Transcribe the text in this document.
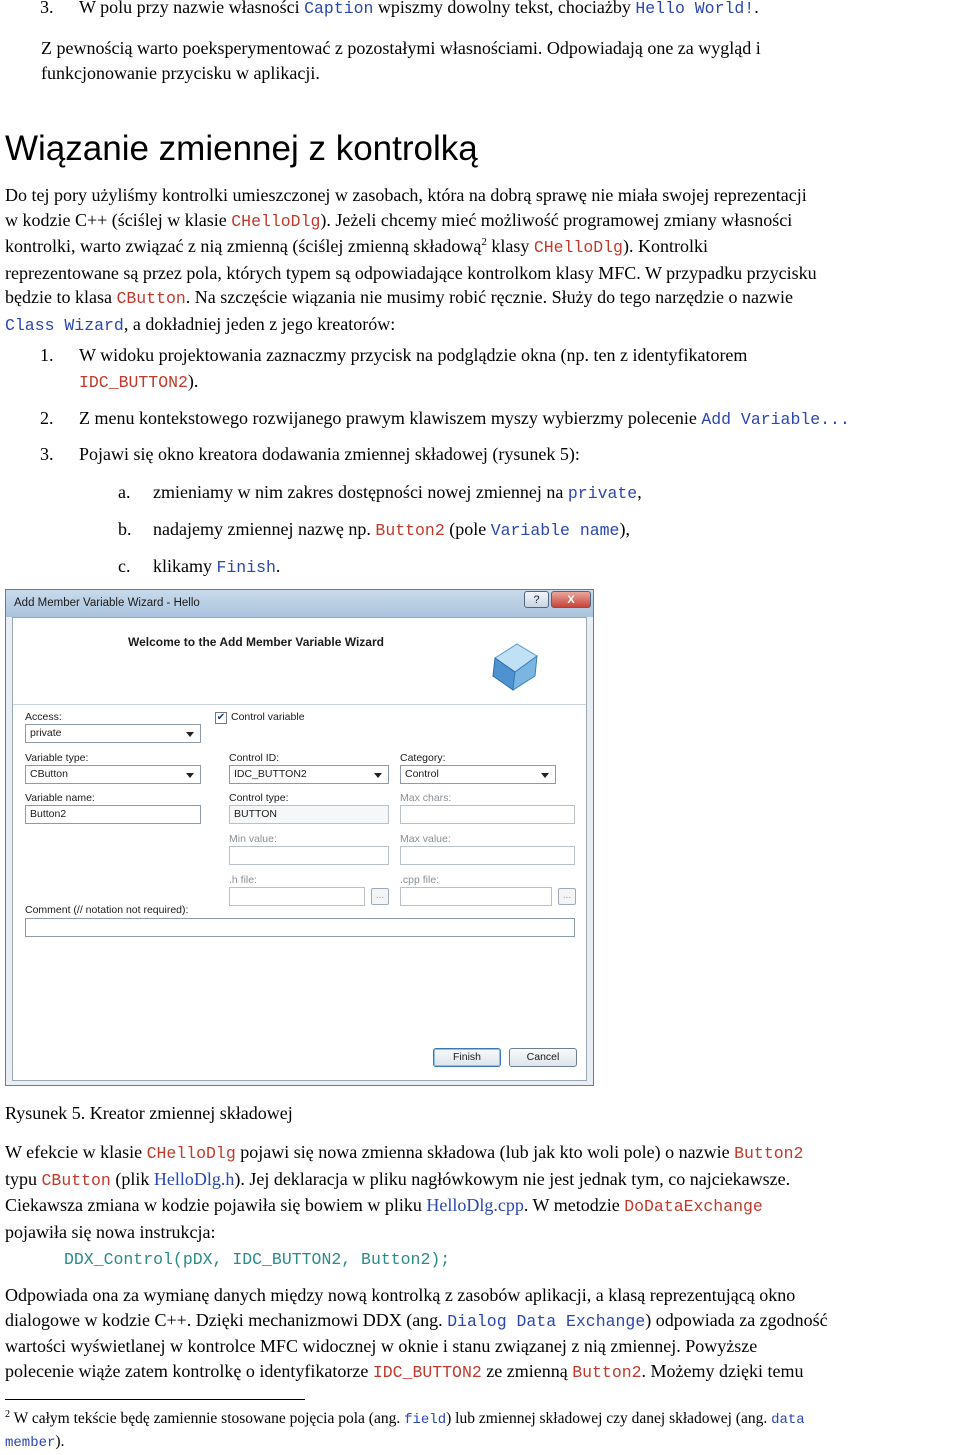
3. W polu przy nazwie własności Caption wpiszmy dowolny tekst, chociażby Hello World!.
Z pewnością warto poeksperymentować z pozostałymi własnościami. Odpowiadają one za wygląd i
funkcjonowanie przycisku w aplikacji.
Wiązanie zmiennej z kontrolką
Do tej pory użyliśmy kontrolki umieszczonej w zasobach, która na dobrą sprawę nie miała swojej reprezentacji
w kodzie C++ (ściślej w klasie CHelloDlg). Jeżeli chcemy mieć możliwość programowej zmiany własności
kontrolki, warto związać z nią zmienną (ściślej zmienną składową$^2$ klasy CHelloDlg). Kontrolki
reprezentowane są przez pola, których typem są odpowiadające kontrolkom klasy MFC. W przypadku przycisku
będzie to klasa CButton. Na szczęście wiązania nie musimy robić ręcznie. Służy do tego narzędzie o nazwie
Class Wizard, a dokładniej jeden z jego kreatorów:
1. W widoku projektowania zaznaczmy przycisk na podglądzie okna (np. ten z identyfikatorem
IDC_BUTTON2).
2. Z menu kontekstowego rozwijanego prawym klawiszem myszy wybierzmy polecenie Add Variable...
3. Pojawi się okno kreatora dodawania zmiennej składowej (rysunek 5):
a. zmieniamy w nim zakres dostępności nowej zmiennej na private,
b. nadajemy zmiennej nazwę np. Button2 (pole Variable name),
c. klikamy Finish.
Add Member Variable Wizard - Hello	?	X
Welcome to the Add Member Variable Wizard
Access:
private
Variable type:
CButton
Variable name:
Button2
✔ Control variable
Control ID:
IDC_BUTTON2
Control type:
BUTTON
Min value:
.h file:
...
Category:
Control
Max chars:
Max value:
.cpp file:
...
Comment (// notation not required):
Finish	Cancel
Rysunek 5. Kreator zmiennej składowej
W efekcie w klasie CHelloDlg pojawi się nowa zmienna składowa (lub jak kto woli pole) o nazwie Button2
typu CButton (plik HelloDlg.h). Jej deklaracja w pliku nagłówkowym nie jest jednak tym, co najciekawsze.
Ciekawsza zmiana w kodzie pojawiła się bowiem w pliku HelloDlg.cpp. W metodzie DoDataExchange
pojawiła się nowa instrukcja:
DDX_Control(pDX, IDC_BUTTON2, Button2);
Odpowiada ona za wymianę danych między nową kontrolką z zasobów aplikacji, a klasą reprezentującą okno
dialogowe w kodzie C++. Dzięki mechanizmowi DDX (ang. Dialog Data Exchange) odpowiada za zgodność
wartości wyświetlanej w kontrolce MFC widocznej w oknie i stanu związanej z nią zmiennej. Powyższe
polecenie wiąże zatem kontrolkę o identyfikatorze IDC_BUTTON2 ze zmienną Button2. Możemy dzięki temu
$^2$ W całym tekście będę zamiennie stosowane pojęcia pola (ang. field) lub zmiennej składowej czy danej składowej (ang. data
member).
